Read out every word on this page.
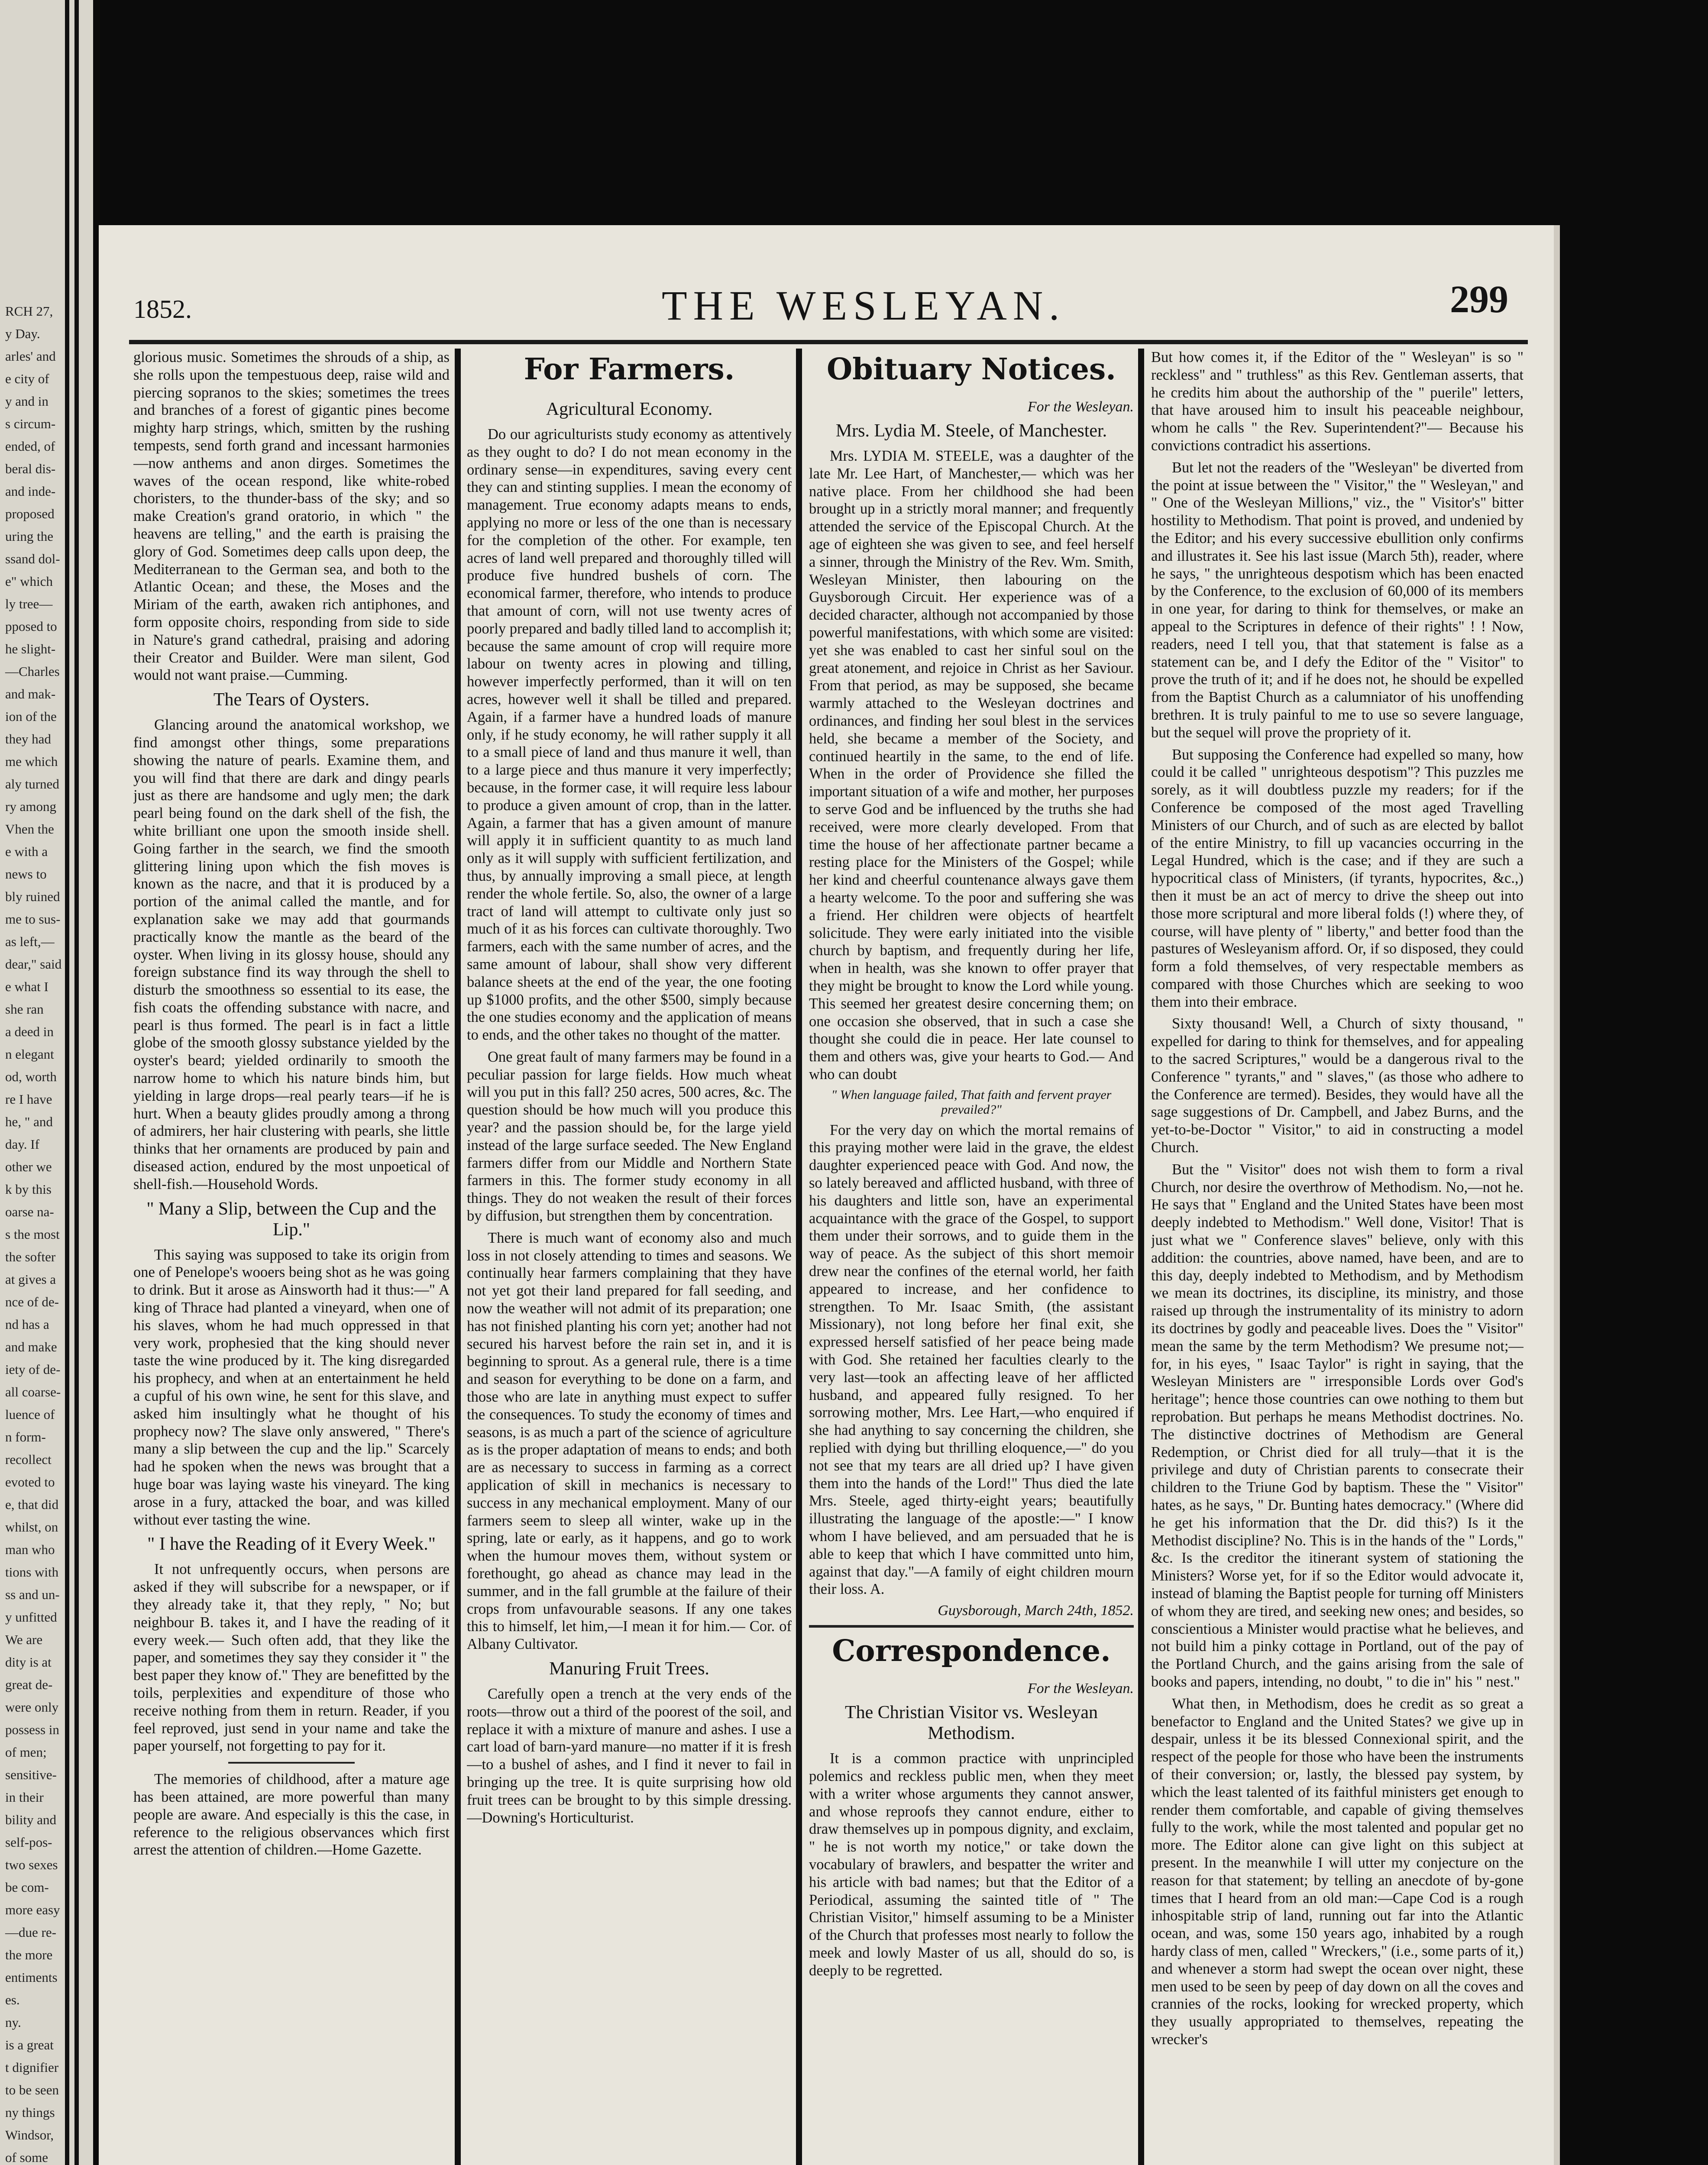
RCH 27,
y Day.
arles' and
e city of
y and in
s circum-
ended, of
beral dis-
and inde-
proposed
uring the
ssand dol-
e" which
ly tree—
pposed to
he slight-
—Charles
and mak-
ion of the
they had
me which
aly turned
ry among
Vhen the
e with a
news to
bly ruined
me to sus-
as left,—
dear," said
e what I
she ran
a deed in
n elegant
od, worth
re I have
he, " and
day. If
other we
k by this
oarse na-
s the most
the softer
at gives a
nce of de-
nd has a
and make
iety of de-
all coarse-
luence of
n form-
recollect
evoted to
e, that did
whilst, on
man who
tions with
ss and un-
y unfitted
We are
dity is at
great de-
were only
possess in
of men;
sensitive-
in their
bility and
self-pos-
two sexes
be com-
more easy
—due re-
the more
entiments
es.
ny.
is a great
t dignifier
to be seen
ny things
Windsor,
of some
1852.	THE WESLEYAN.	299

glorious music. Sometimes the shrouds of a ship, as she rolls upon the tempestuous deep, raise wild and piercing sopranos to the skies; sometimes the trees and branches of a forest of gigantic pines become mighty harp strings, which, smitten by the rushing tempests, send forth grand and incessant harmonies—now anthems and anon dirges. Sometimes the waves of the ocean respond, like white-robed choristers, to the thunder-bass of the sky; and so make Creation's grand oratorio, in which " the heavens are telling," and the earth is praising the glory of God. Sometimes deep calls upon deep, the Mediterranean to the German sea, and both to the Atlantic Ocean; and these, the Moses and the Miriam of the earth, awaken rich antiphones, and form opposite choirs, responding from side to side in Nature's grand cathedral, praising and adoring their Creator and Builder. Were man silent, God would not want praise.—Cumming.

The Tears of Oysters.

Glancing around the anatomical workshop, we find amongst other things, some preparations showing the nature of pearls. Examine them, and you will find that there are dark and dingy pearls just as there are handsome and ugly men; the dark pearl being found on the dark shell of the fish, the white brilliant one upon the smooth inside shell. Going farther in the search, we find the smooth glittering lining upon which the fish moves is known as the nacre, and that it is produced by a portion of the animal called the mantle, and for explanation sake we may add that gourmands practically know the mantle as the beard of the oyster. When living in its glossy house, should any foreign substance find its way through the shell to disturb the smoothness so essential to its ease, the fish coats the offending substance with nacre, and pearl is thus formed. The pearl is in fact a little globe of the smooth glossy substance yielded by the oyster's beard; yielded ordinarily to smooth the narrow home to which his nature binds him, but yielding in large drops—real pearly tears—if he is hurt. When a beauty glides proudly among a throng of admirers, her hair clustering with pearls, she little thinks that her ornaments are produced by pain and diseased action, endured by the most unpoetical of shell-fish.—Household Words.

" Many a Slip, between the Cup and the Lip."

This saying was supposed to take its origin from one of Penelope's wooers being shot as he was going to drink. But it arose as Ainsworth had it thus:—" A king of Thrace had planted a vineyard, when one of his slaves, whom he had much oppressed in that very work, prophesied that the king should never taste the wine produced by it. The king disregarded his prophecy, and when at an entertainment he held a cupful of his own wine, he sent for this slave, and asked him insultingly what he thought of his prophecy now? The slave only answered, " There's many a slip between the cup and the lip." Scarcely had he spoken when the news was brought that a huge boar was laying waste his vineyard. The king arose in a fury, attacked the boar, and was killed without ever tasting the wine.

" I have the Reading of it Every Week."

It not unfrequently occurs, when persons are asked if they will subscribe for a newspaper, or if they already take it, that they reply, " No; but neighbour B. takes it, and I have the reading of it every week.— Such often add, that they like the paper, and sometimes they say they consider it " the best paper they know of." They are benefitted by the toils, perplexities and expenditure of those who receive nothing from them in return. Reader, if you feel reproved, just send in your name and take the paper yourself, not forgetting to pay for it.

The memories of childhood, after a mature age has been attained, are more powerful than many people are aware. And especially is this the case, in reference to the religious observances which first arrest the attention of children.—Home Gazette.

For Farmers.
Agricultural Economy.

Do our agriculturists study economy as attentively as they ought to do? I do not mean economy in the ordinary sense—in expenditures, saving every cent they can and stinting supplies. I mean the economy of management. True economy adapts means to ends, applying no more or less of the one than is necessary for the completion of the other. For example, ten acres of land well prepared and thoroughly tilled will produce five hundred bushels of corn. The economical farmer, therefore, who intends to produce that amount of corn, will not use twenty acres of poorly prepared and badly tilled land to accomplish it; because the same amount of crop will require more labour on twenty acres in plowing and tilling, however imperfectly performed, than it will on ten acres, however well it shall be tilled and prepared. Again, if a farmer have a hundred loads of manure only, if he study economy, he will rather supply it all to a small piece of land and thus manure it well, than to a large piece and thus manure it very imperfectly; because, in the former case, it will require less labour to produce a given amount of crop, than in the latter. Again, a farmer that has a given amount of manure will apply it in sufficient quantity to as much land only as it will supply with sufficient fertilization, and thus, by annually improving a small piece, at length render the whole fertile. So, also, the owner of a large tract of land will attempt to cultivate only just so much of it as his forces can cultivate thoroughly. Two farmers, each with the same number of acres, and the same amount of labour, shall show very different balance sheets at the end of the year, the one footing up $1000 profits, and the other $500, simply because the one studies economy and the application of means to ends, and the other takes no thought of the matter.

One great fault of many farmers may be found in a peculiar passion for large fields. How much wheat will you put in this fall? 250 acres, 500 acres, &c. The question should be how much will you produce this year? and the passion should be, for the large yield instead of the large surface seeded. The New England farmers differ from our Middle and Northern State farmers in this. The former study economy in all things. They do not weaken the result of their forces by diffusion, but strengthen them by concentration.

There is much want of economy also and much loss in not closely attending to times and seasons. We continually hear farmers complaining that they have not yet got their land prepared for fall seeding, and now the weather will not admit of its preparation; one has not finished planting his corn yet; another had not secured his harvest before the rain set in, and it is beginning to sprout. As a general rule, there is a time and season for everything to be done on a farm, and those who are late in anything must expect to suffer the consequences. To study the economy of times and seasons, is as much a part of the science of agriculture as is the proper adaptation of means to ends; and both are as necessary to success in farming as a correct application of skill in mechanics is necessary to success in any mechanical employment. Many of our farmers seem to sleep all winter, wake up in the spring, late or early, as it happens, and go to work when the humour moves them, without system or forethought, go ahead as chance may lead in the summer, and in the fall grumble at the failure of their crops from unfavourable seasons. If any one takes this to himself, let him,—I mean it for him.— Cor. of Albany Cultivator.

Manuring Fruit Trees.

Carefully open a trench at the very ends of the roots—throw out a third of the poorest of the soil, and replace it with a mixture of manure and ashes. I use a cart load of barn-yard manure—no matter if it is fresh—to a bushel of ashes, and I find it never to fail in bringing up the tree. It is quite surprising how old fruit trees can be brought to by this simple dressing.—Downing's Horticulturist.

Obituary Notices.
For the Wesleyan.
Mrs. Lydia M. Steele, of Manchester.

Mrs. LYDIA M. STEELE, was a daughter of the late Mr. Lee Hart, of Manchester,— which was her native place. From her childhood she had been brought up in a strictly moral manner; and frequently attended the service of the Episcopal Church. At the age of eighteen she was given to see, and feel herself a sinner, through the Ministry of the Rev. Wm. Smith, Wesleyan Minister, then labouring on the Guysborough Circuit. Her experience was of a decided character, although not accompanied by those powerful manifestations, with which some are visited: yet she was enabled to cast her sinful soul on the great atonement, and rejoice in Christ as her Saviour. From that period, as may be supposed, she became warmly attached to the Wesleyan doctrines and ordinances, and finding her soul blest in the services held, she became a member of the Society, and continued heartily in the same, to the end of life. When in the order of Providence she filled the important situation of a wife and mother, her purposes to serve God and be influenced by the truths she had received, were more clearly developed. From that time the house of her affectionate partner became a resting place for the Ministers of the Gospel; while her kind and cheerful countenance always gave them a hearty welcome. To the poor and suffering she was a friend. Her children were objects of heartfelt solicitude. They were early initiated into the visible church by baptism, and frequently during her life, when in health, was she known to offer prayer that they might be brought to know the Lord while young. This seemed her greatest desire concerning them; on one occasion she observed, that in such a case she thought she could die in peace. Her late counsel to them and others was, give your hearts to God.— And who can doubt

" When language failed, That faith and fervent prayer prevailed?"

For the very day on which the mortal remains of this praying mother were laid in the grave, the eldest daughter experienced peace with God. And now, the so lately bereaved and afflicted husband, with three of his daughters and little son, have an experimental acquaintance with the grace of the Gospel, to support them under their sorrows, and to guide them in the way of peace. As the subject of this short memoir drew near the confines of the eternal world, her faith appeared to increase, and her confidence to strengthen. To Mr. Isaac Smith, (the assistant Missionary), not long before her final exit, she expressed herself satisfied of her peace being made with God. She retained her faculties clearly to the very last—took an affecting leave of her afflicted husband, and appeared fully resigned. To her sorrowing mother, Mrs. Lee Hart,—who enquired if she had anything to say concerning the children, she replied with dying but thrilling eloquence,—" do you not see that my tears are all dried up? I have given them into the hands of the Lord!" Thus died the late Mrs. Steele, aged thirty-eight years; beautifully illustrating the language of the apostle:—" I know whom I have believed, and am persuaded that he is able to keep that which I have committed unto him, against that day."—A family of eight children mourn their loss. A.

Guysborough, March 24th, 1852.
Correspondence.
For the Wesleyan.
The Christian Visitor vs. Wesleyan Methodism.

It is a common practice with unprincipled polemics and reckless public men, when they meet with a writer whose arguments they cannot answer, and whose reproofs they cannot endure, either to draw themselves up in pompous dignity, and exclaim, " he is not worth my notice," or take down the vocabulary of brawlers, and bespatter the writer and his article with bad names; but that the Editor of a Periodical, assuming the sainted title of " The Christian Visitor," himself assuming to be a Minister of the Church that professes most nearly to follow the meek and lowly Master of us all, should do so, is deeply to be regretted.

But how comes it, if the Editor of the " Wesleyan" is so " reckless" and " truthless" as this Rev. Gentleman asserts, that he credits him about the authorship of the " puerile" letters, that have aroused him to insult his peaceable neighbour, whom he calls " the Rev. Superintendent?"— Because his convictions contradict his assertions.

But let not the readers of the "Wesleyan" be diverted from the point at issue between the " Visitor," the " Wesleyan," and " One of the Wesleyan Millions," viz., the " Visitor's" bitter hostility to Methodism. That point is proved, and undenied by the Editor; and his every successive ebullition only confirms and illustrates it. See his last issue (March 5th), reader, where he says, " the unrighteous despotism which has been enacted by the Conference, to the exclusion of 60,000 of its members in one year, for daring to think for themselves, or make an appeal to the Scriptures in defence of their rights" ! ! Now, readers, need I tell you, that that statement is false as a statement can be, and I defy the Editor of the " Visitor" to prove the truth of it; and if he does not, he should be expelled from the Baptist Church as a calumniator of his unoffending brethren. It is truly painful to me to use so severe language, but the sequel will prove the propriety of it.

But supposing the Conference had expelled so many, how could it be called " unrighteous despotism"? This puzzles me sorely, as it will doubtless puzzle my readers; for if the Conference be composed of the most aged Travelling Ministers of our Church, and of such as are elected by ballot of the entire Ministry, to fill up vacancies occurring in the Legal Hundred, which is the case; and if they are such a hypocritical class of Ministers, (if tyrants, hypocrites, &c.,) then it must be an act of mercy to drive the sheep out into those more scriptural and more liberal folds (!) where they, of course, will have plenty of " liberty," and better food than the pastures of Wesleyanism afford. Or, if so disposed, they could form a fold themselves, of very respectable members as compared with those Churches which are seeking to woo them into their embrace.

Sixty thousand! Well, a Church of sixty thousand, " expelled for daring to think for themselves, and for appealing to the sacred Scriptures," would be a dangerous rival to the Conference " tyrants," and " slaves," (as those who adhere to the Conference are termed). Besides, they would have all the sage suggestions of Dr. Campbell, and Jabez Burns, and the yet-to-be-Doctor " Visitor," to aid in constructing a model Church.

But the " Visitor" does not wish them to form a rival Church, nor desire the overthrow of Methodism. No,—not he. He says that " England and the United States have been most deeply indebted to Methodism." Well done, Visitor! That is just what we " Conference slaves" believe, only with this addition: the countries, above named, have been, and are to this day, deeply indebted to Methodism, and by Methodism we mean its doctrines, its discipline, its ministry, and those raised up through the instrumentality of its ministry to adorn its doctrines by godly and peaceable lives. Does the " Visitor" mean the same by the term Methodism? We presume not;—for, in his eyes, " Isaac Taylor" is right in saying, that the Wesleyan Ministers are " irresponsible Lords over God's heritage"; hence those countries can owe nothing to them but reprobation. But perhaps he means Methodist doctrines. No. The distinctive doctrines of Methodism are General Redemption, or Christ died for all truly—that it is the privilege and duty of Christian parents to consecrate their children to the Triune God by baptism. These the " Visitor" hates, as he says, " Dr. Bunting hates democracy." (Where did he get his information that the Dr. did this?) Is it the Methodist discipline? No. This is in the hands of the " Lords," &c. Is the creditor the itinerant system of stationing the Ministers? Worse yet, for if so the Editor would advocate it, instead of blaming the Baptist people for turning off Ministers of whom they are tired, and seeking new ones; and besides, so conscientious a Minister would practise what he believes, and not build him a pinky cottage in Portland, out of the pay of the Portland Church, and the gains arising from the sale of books and papers, intending, no doubt, " to die in" his " nest."

What then, in Methodism, does he credit as so great a benefactor to England and the United States? we give up in despair, unless it be its blessed Connexional spirit, and the respect of the people for those who have been the instruments of their conversion; or, lastly, the blessed pay system, by which the least talented of its faithful ministers get enough to render them comfortable, and capable of giving themselves fully to the work, while the most talented and popular get no more. The Editor alone can give light on this subject at present. In the meanwhile I will utter my conjecture on the reason for that statement; by telling an anecdote of by-gone times that I heard from an old man:—Cape Cod is a rough inhospitable strip of land, running out far into the Atlantic ocean, and was, some 150 years ago, inhabited by a rough hardy class of men, called " Wreckers," (i.e., some parts of it,) and whenever a storm had swept the ocean over night, these men used to be seen by peep of day down on all the coves and crannies of the rocks, looking for wrecked property, which they usually appropriated to themselves, repeating the wrecker's
